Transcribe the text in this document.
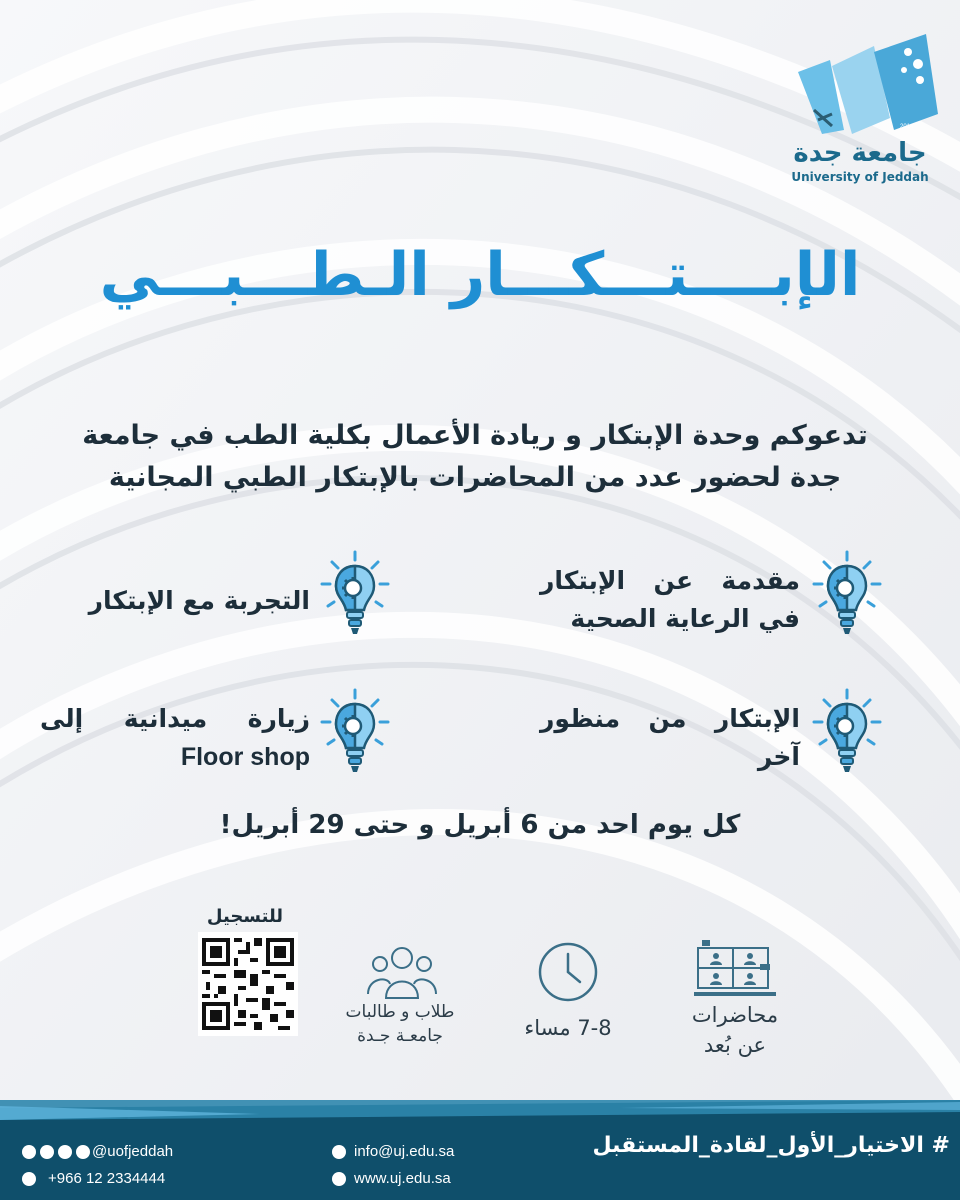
2014
جامعة جدة
University of Jeddah
الإبــــتـــكـــار الـطـــبـــي
تدعوكم وحدة الإبتكار و ريادة الأعمال بكلية الطب في جامعة
جدة لحضور عدد من المحاضرات بالإبتكار الطبي المجانية
مقدمة عن الإبتكار
في الرعاية الصحية
التجربة مع الإبتكار
الإبتكار من منظور
آخر
زيارة ميدانية إلى
Floor shop
كل يوم احد من 6 أبريل و حتى 29 أبريل!
محاضرات
عن بُعد
7-8 مساء
طلاب و طالبات
جامعـة جـدة
للتسجيل
# الاختيار_الأول_لقادة_المستقبل
@uofjeddah
+966 12 2334444
info@uj.edu.sa
www.uj.edu.sa
